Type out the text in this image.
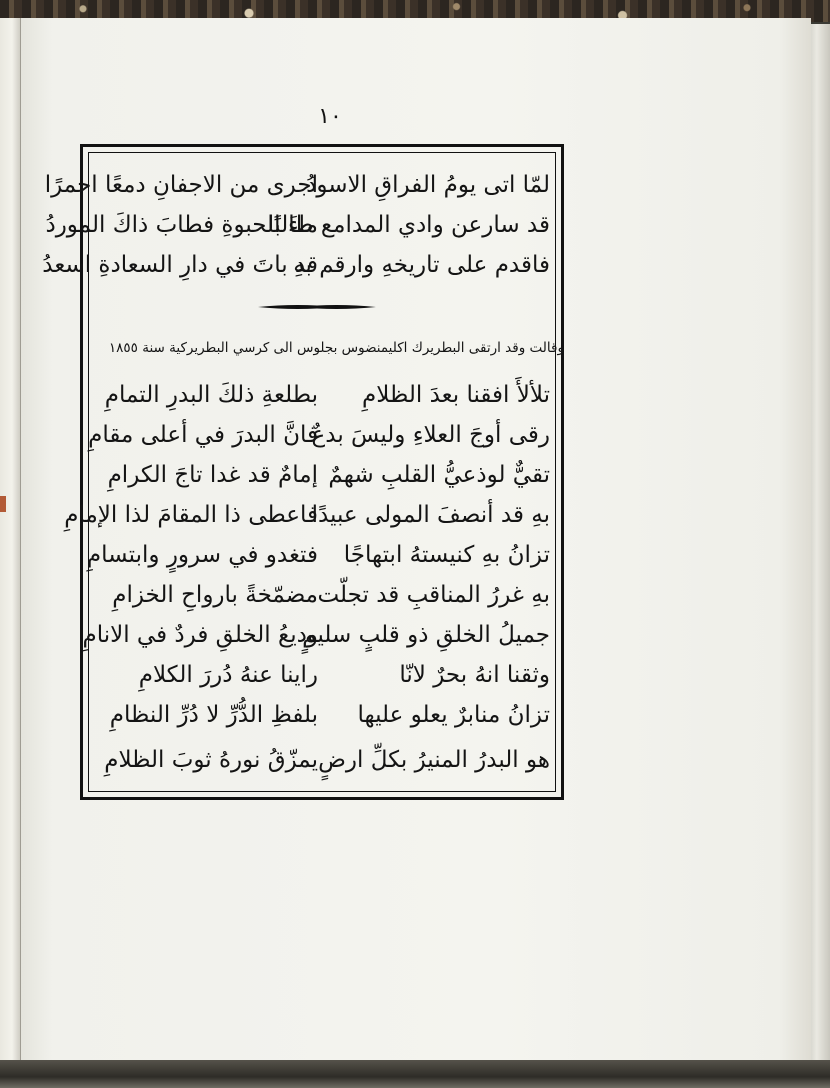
١٠
لمّا اتى يومُ الفراقِ الاسودُ
اجرى من الاجفانِ دمعًا احمرًا
قد سارعن وادي المدامع طالبًا
ماءَ الحبوةِ فطابَ ذاكَ الموردُ
فاقدم على تاريخهِ وارقم بهِ
قد باتَ في دارِ السعادةِ اسعدُ
وقالت وقد ارتقى البطريرك اكليمنضوس بجلوس الى كرسي البطريركية سنة ١٨٥٥
تلألأَ افقنا بعدَ الظلامِ
بطلعةِ ذلكَ البدرِ التمامِ
رقى أوجَ العلاءِ وليسَ بدعٌ
فانَّ البدرَ في أعلى مقامِ
تقيٌّ لوذعيُّ القلبِ شهمٌ
إمامٌ قد غدا تاجَ الكرامِ
بهِ قد أنصفَ المولى عبيدًا
فاعطى ذا المقامَ لذا الإمامِ
تزانُ بهِ كنيستهُ ابتهاجًا
فتغدو في سرورٍ وابتسامِ
بهِ غررُ المناقبِ قد تجلّت
مضمّخةً بارواحِ الخزامِ
جميلُ الخلقِ ذو قلبٍ سليمٍ
وديعُ الخلقِ فردٌ في الانامِ
وثقنا انهُ بحرٌ لانّا
راينا عنهُ دُررَ الكلامِ
تزانُ منابرٌ يعلو عليها
بلفظِ الدُّرِّ لا دُرِّ النظامِ
هو البدرُ المنيرُ بكلِّ ارضٍ
يمزّقُ نورهُ ثوبَ الظلامِ
